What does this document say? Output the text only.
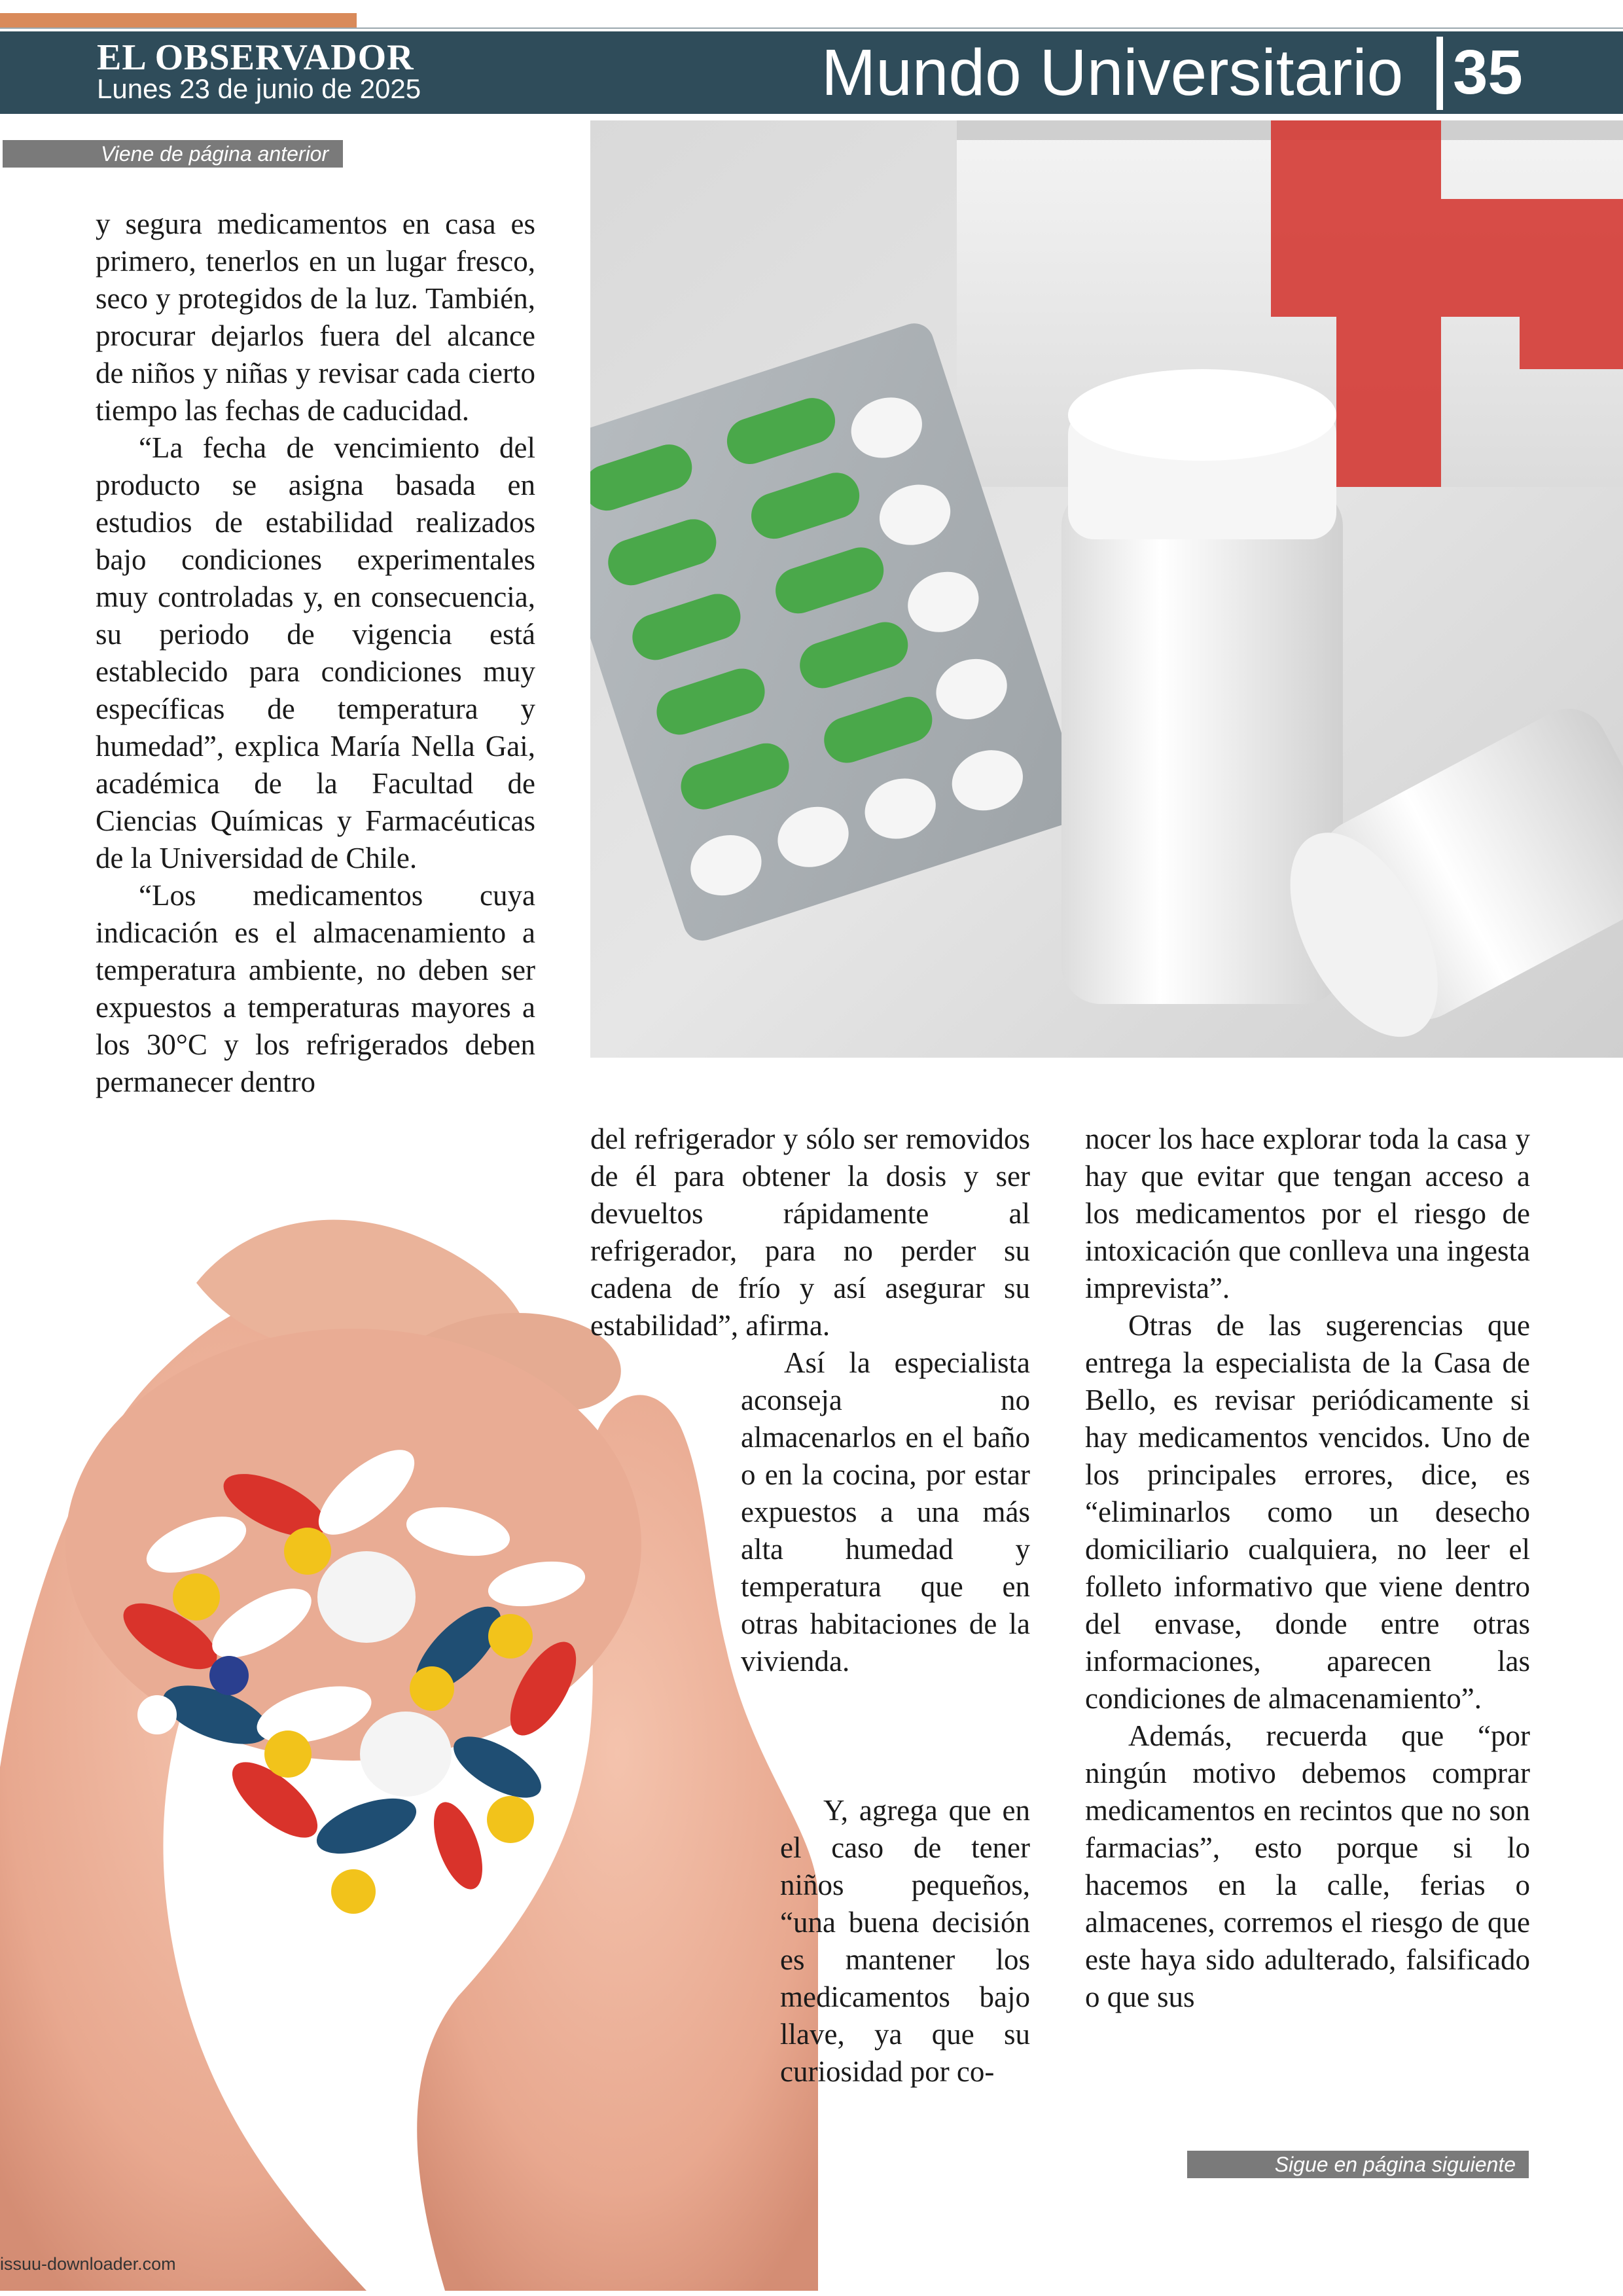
EL OBSERVADOR
Lunes 23 de junio de 2025	Mundo Universitario 35
Viene de página anterior

y segura medicamentos en casa es primero, tenerlos en un lugar fresco, seco y protegidos de la luz. También, procurar dejarlos fuera del alcance de niños y niñas y revisar cada cierto tiempo las fechas de caducidad.

“La fecha de vencimiento del producto se asigna basada en estudios de estabilidad realizados bajo condiciones experimentales muy controladas y, en consecuencia, su periodo de vigencia está establecido para condiciones muy específicas de temperatura y humedad”, explica María Nella Gai, académica de la Facultad de Ciencias Químicas y Farmacéuticas de la Universidad de Chile.

“Los medicamentos cuya indicación es el almacenamiento a temperatura ambiente, no deben ser expuestos a temperaturas mayores a los 30°C y los refrigerados deben permanecer dentro

del refrigerador y sólo ser removidos de él para obtener la dosis y ser devueltos rápidamente al refrigerador, para no perder su cadena de frío y así asegurar su estabilidad”, afirma.

Así la especialista aconseja no almacenarlos en el baño o en la cocina, por estar expuestos a una más alta humedad y temperatura que en otras habitaciones de la vivienda.

Y, agrega que en el caso de tener niños pequeños, “una buena decisión es mantener los medicamentos bajo llave, ya que su curiosidad por co-

nocer los hace explorar toda la casa y hay que evitar que tengan acceso a los medicamentos por el riesgo de intoxicación que conlleva una ingesta imprevista”.

Otras de las sugerencias que entrega la especialista de la Casa de Bello, es revisar periódicamente si hay medicamentos vencidos. Uno de los principales errores, dice, es “eliminarlos como un desecho domiciliario cualquiera, no leer el folleto informativo que viene dentro del envase, donde entre otras informaciones, aparecen las condiciones de almacenamiento”.

Además, recuerda que “por ningún motivo debemos comprar medicamentos en recintos que no son farmacias”, esto porque si lo hacemos en la calle, ferias o almacenes, corremos el riesgo de que este haya sido adulterado, falsificado o que sus

Sigue en página siguiente
issuu-downloader.com
